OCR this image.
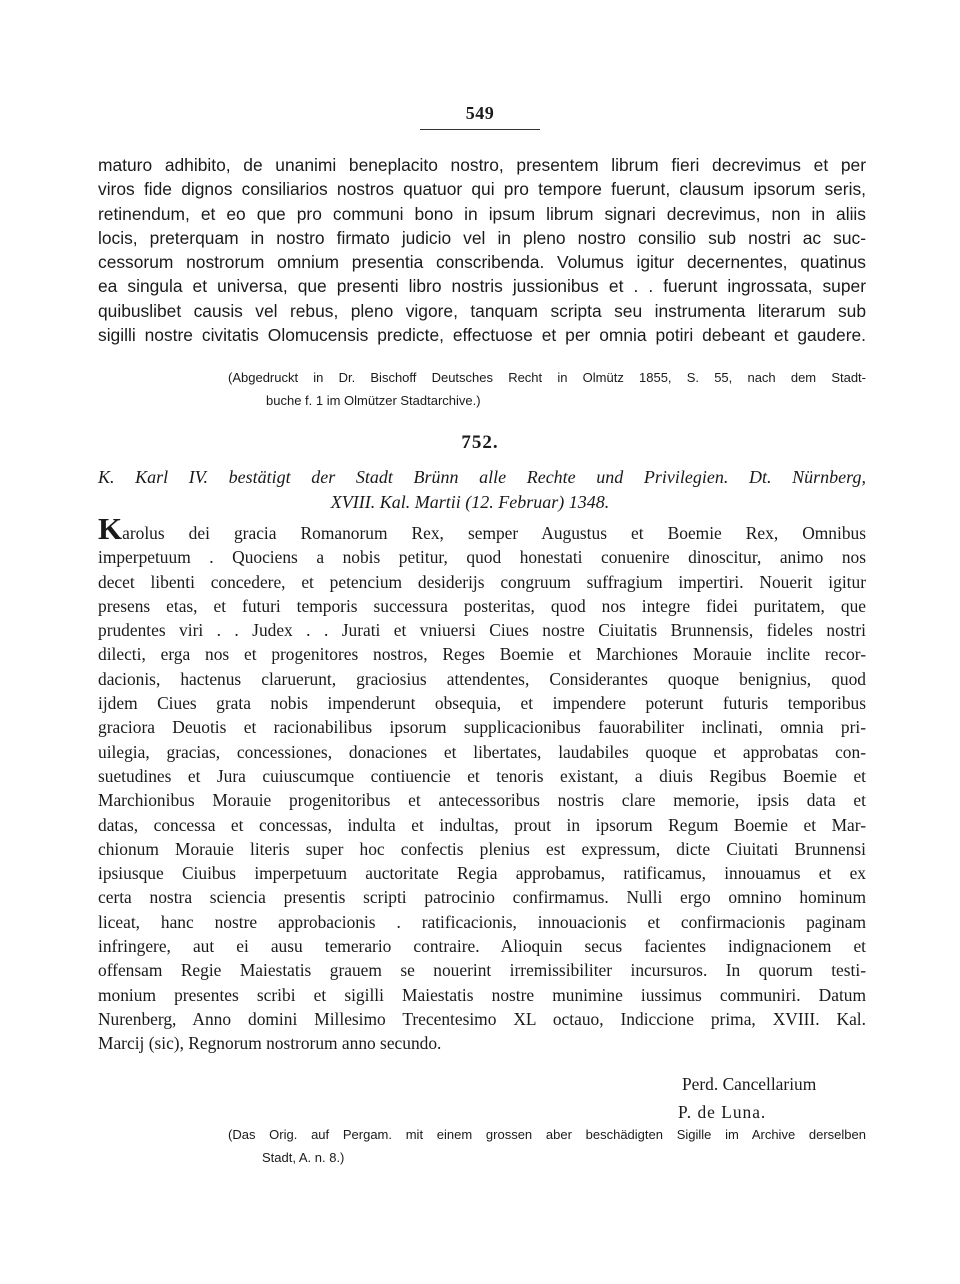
549

maturo adhibito, de unanimi beneplacito nostro, presentem librum fieri decrevimus et per
viros fide dignos consiliarios nostros quatuor qui pro tempore fuerunt, clausum ipsorum seris,
retinendum, et eo que pro communi bono in ipsum librum signari decrevimus, non in aliis
locis, preterquam in nostro firmato judicio vel in pleno nostro consilio sub nostri ac suc-
cessorum nostrorum omnium presentia conscribenda. Volumus igitur decernentes, quatinus
ea singula et universa, que presenti libro nostris jussionibus et . . fuerunt ingrossata, super
quibuslibet causis vel rebus, pleno vigore, tanquam scripta seu instrumenta literarum sub
sigilli nostre civitatis Olomucensis predicte, effectuose et per omnia potiri debeant et gaudere.

(Abgedruckt in Dr. Bischoff Deutsches Recht in Olmütz 1855, S. 55, nach dem Stadt-
buche f. 1 im Olmützer Stadtarchive.)

752.

K. Karl IV. bestätigt der Stadt Brünn alle Rechte und Privilegien. Dt. Nürnberg,
XVIII. Kal. Martii (12. Februar) 1348.

Karolus dei gracia Romanorum Rex, semper Augustus et Boemie Rex, Omnibus
imperpetuum . Quociens a nobis petitur, quod honestati conuenire dinoscitur, animo nos
decet libenti concedere, et petencium desiderijs congruum suffragium impertiri. Nouerit igitur
presens etas, et futuri temporis successura posteritas, quod nos integre fidei puritatem, que
prudentes viri . . Judex . . Jurati et vniuersi Ciues nostre Ciuitatis Brunnensis, fideles nostri
dilecti, erga nos et progenitores nostros, Reges Boemie et Marchiones Morauie inclite recor-
dacionis, hactenus claruerunt, graciosius attendentes, Considerantes quoque benignius, quod
ijdem Ciues grata nobis impenderunt obsequia, et impendere poterunt futuris temporibus
graciora Deuotis et racionabilibus ipsorum supplicacionibus fauorabiliter inclinati, omnia pri-
uilegia, gracias, concessiones, donaciones et libertates, laudabiles quoque et approbatas con-
suetudines et Jura cuiuscumque contiuencie et tenoris existant, a diuis Regibus Boemie et
Marchionibus Morauie progenitoribus et antecessoribus nostris clare memorie, ipsis data et
datas, concessa et concessas, indulta et indultas, prout in ipsorum Regum Boemie et Mar-
chionum Morauie literis super hoc confectis plenius est expressum, dicte Ciuitati Brunnensi
ipsiusque Ciuibus imperpetuum auctoritate Regia approbamus, ratificamus, innouamus et ex
certa nostra sciencia presentis scripti patrocinio confirmamus. Nulli ergo omnino hominum
liceat, hanc nostre approbacionis . ratificacionis, innouacionis et confirmacionis paginam
infringere, aut ei ausu temerario contraire. Alioquin secus facientes indignacionem et
offensam Regie Maiestatis grauem se nouerint irremissibiliter incursuros. In quorum testi-
monium presentes scribi et sigilli Maiestatis nostre munimine iussimus communiri. Datum
Nurenberg, Anno domini Millesimo Trecentesimo XL octauo, Indiccione prima, XVIII. Kal.
Marcij (sic), Regnorum nostrorum anno secundo.

Perd. Cancellarium
P. de Luna.

(Das Orig. auf Pergam. mit einem grossen aber beschädigten Sigille im Archive derselben
Stadt, A. n. 8.)
